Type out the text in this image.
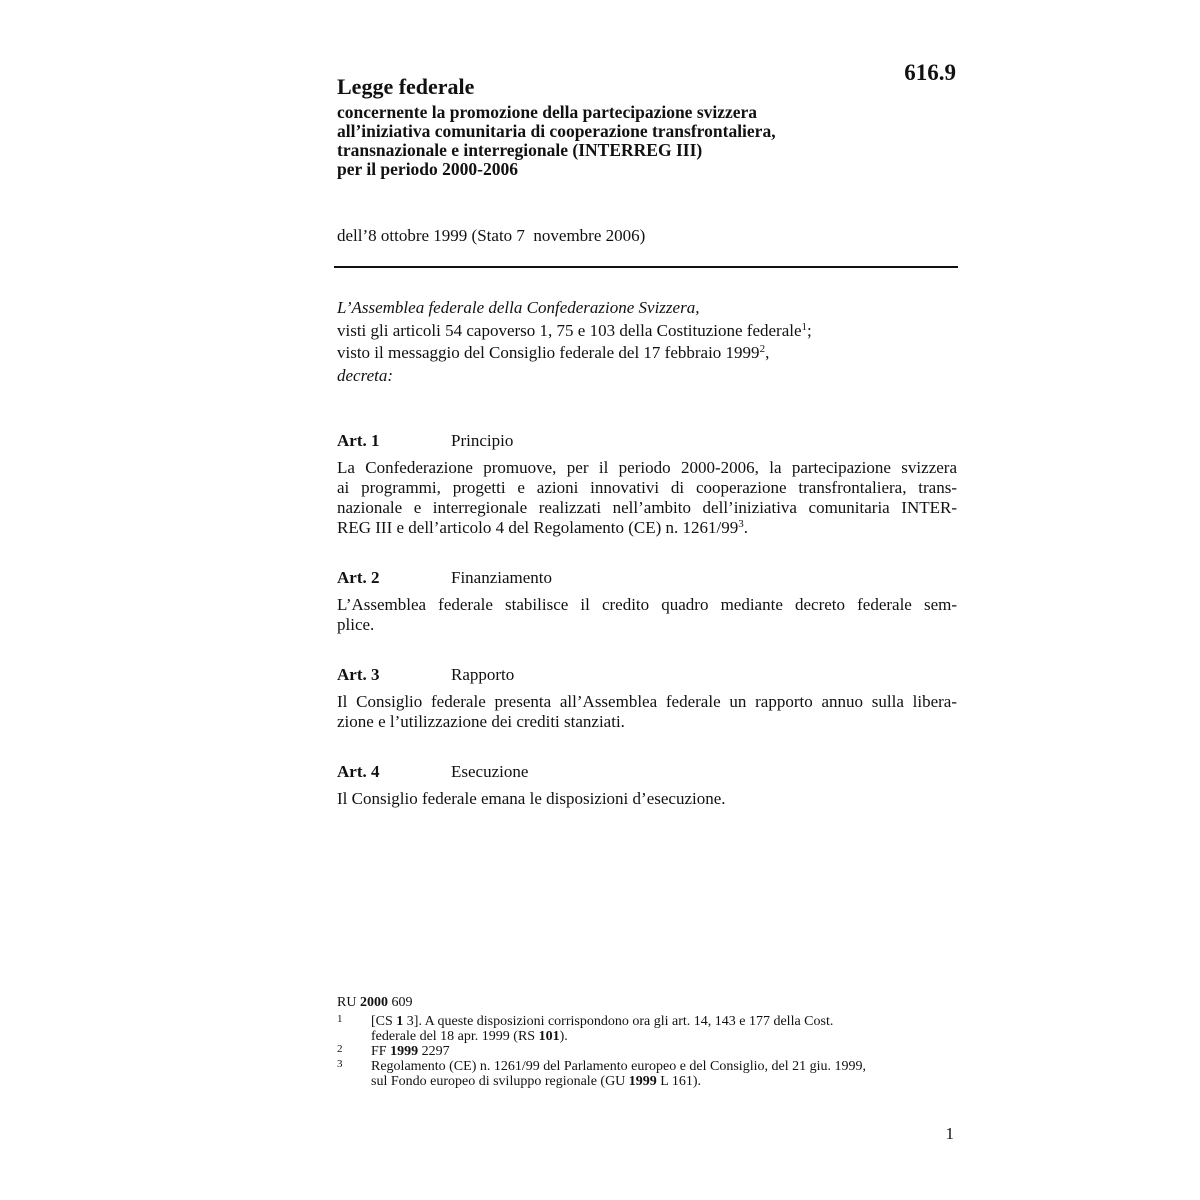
616.9
Legge federale
concernente la promozione della partecipazione svizzera
all’iniziativa comunitaria di cooperazione transfrontaliera,
transnazionale e interregionale (INTERREG III)
per il periodo 2000-2006
dell’8 ottobre 1999 (Stato 7  novembre 2006)
L’Assemblea federale della Confederazione Svizzera,
visti gli articoli 54 capoverso 1, 75 e 103 della Costituzione federale$^1$;
visto il messaggio del Consiglio federale del 17 febbraio 1999$^2$,
decreta:
Art. 1	Principio
La Confederazione promuove, per il periodo 2000-2006, la partecipazione svizzera
ai programmi, progetti e azioni innovativi di cooperazione transfrontaliera, trans-
nazionale e interregionale realizzati nell’ambito dell’iniziativa comunitaria INTER-
REG III e dell’articolo 4 del Regolamento (CE) n. $1261/99^3$.
Art. 2	Finanziamento
L’Assemblea federale stabilisce il credito quadro mediante decreto federale sem-
plice.
Art. 3	Rapporto
Il Consiglio federale presenta all’Assemblea federale un rapporto annuo sulla libera-
zione e l’utilizzazione dei crediti stanziati.
Art. 4	Esecuzione
Il Consiglio federale emana le disposizioni d’esecuzione.
RU 2000 609
1 [CS 1 3]. A queste disposizioni corrispondono ora gli art. 14, 143 e 177 della Cost.
federale del 18 apr. 1999 (RS 101).
2 FF 1999 2297
3 Regolamento (CE) n. 1261/99 del Parlamento europeo e del Consiglio, del 21 giu. 1999,
sul Fondo europeo di sviluppo regionale (GU 1999 L 161).
1
